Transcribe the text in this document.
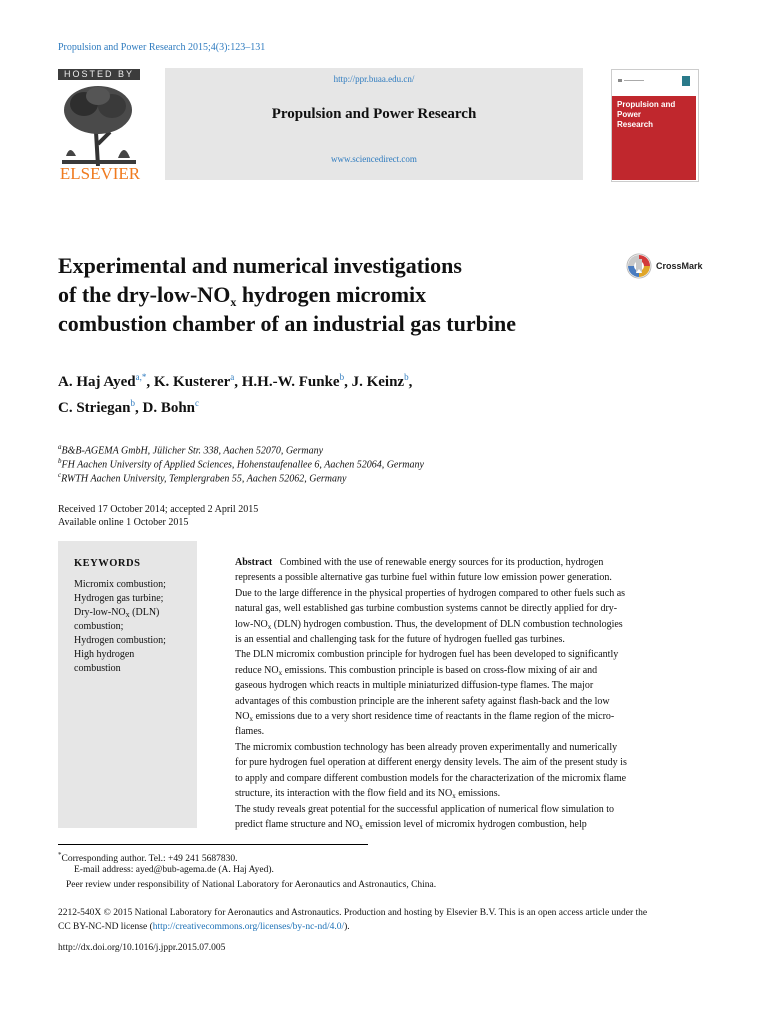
Propulsion and Power Research 2015;4(3):123–131
HOSTED BY
ELSEVIER
http://ppr.buaa.edu.cn/
Propulsion and Power Research
www.sciencedirect.com
Propulsion and
Power
Research
Experimental and numerical investigations
of the dry-$low-NO_x$ hydrogen micromix
combustion chamber of an industrial gas turbine
CrossMark
A. Haj Ayed$^{a,*}$, K. Kusterer$^a$, H.H.-W. Funke$^b$, J. Keinz$^b$,
C. Striegan$^b$, D. Bohn$^c$
$^a$B&B-AGEMA GmbH, Jülicher Str. 338, Aachen 52070, Germany
$^b$FH Aachen University of Applied Sciences, Hohenstaufenallee 6, Aachen 52064, Germany
$^c$RWTH Aachen University, Templergraben 55, Aachen 52062, Germany
Received 17 October 2014; accepted 2 April 2015
Available online 1 October 2015
KEYWORDS
Micromix combustion;
Hydrogen gas turbine;
Dry-$low-NO_x$ (DLN)
combustion;
Hydrogen combustion;
High hydrogen
combustion
Abstract Combined with the use of renewable energy sources for its production, hydrogen
represents a possible alternative gas turbine fuel within future low emission power generation.
Due to the large difference in the physical properties of hydrogen compared to other fuels such as
natural gas, well established gas turbine combustion systems cannot be directly applied for dry-
low-$NO_x$ (DLN) hydrogen combustion. Thus, the development of DLN combustion technologies
is an essential and challenging task for the future of hydrogen fuelled gas turbines.
The DLN micromix combustion principle for hydrogen fuel has been developed to significantly
reduce $NO_x$ emissions. This combustion principle is based on cross-flow mixing of air and
gaseous hydrogen which reacts in multiple miniaturized diffusion-type flames. The major
advantages of this combustion principle are the inherent safety against flash-back and the low
$NO_x$ emissions due to a very short residence time of reactants in the flame region of the micro-
flames.
The micromix combustion technology has been already proven experimentally and numerically
for pure hydrogen fuel operation at different energy density levels. The aim of the present study is
to apply and compare different combustion models for the characterization of the micromix flame
structure, its interaction with the flow field and its $NO_x$ emissions.
The study reveals great potential for the successful application of numerical flow simulation to
predict flame structure and $NO_x$ emission level of micromix hydrogen combustion, help
*Corresponding author. Tel.: +49 241 5687830.
E-mail address: ayed@bub-agema.de (A. Haj Ayed).
Peer review under responsibility of National Laboratory for Aeronautics and Astronautics, China.
2212-540X © 2015 National Laboratory for Aeronautics and Astronautics. Production and hosting by Elsevier B.V. This is an open access article under the
CC BY-NC-ND license (http://creativecommons.org/licenses/by-nc-nd/4.0/).
http://dx.doi.org/10.1016/j.jppr.2015.07.005
